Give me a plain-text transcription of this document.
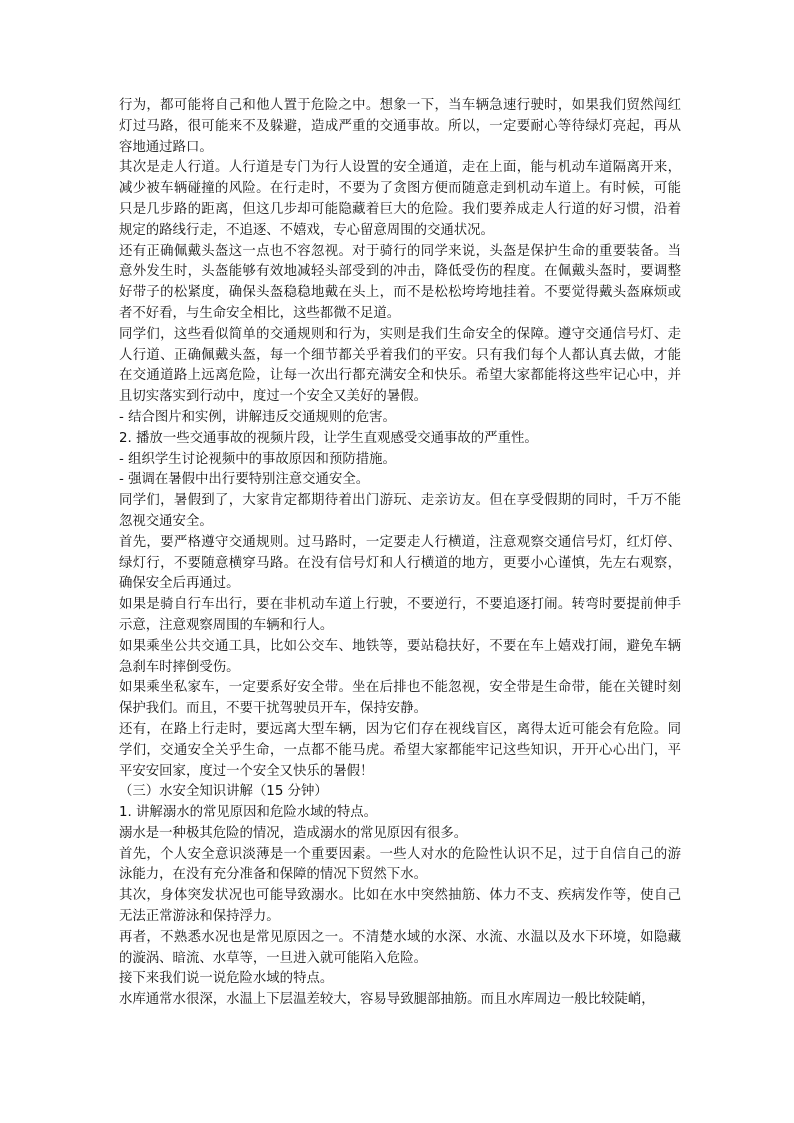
行为，都可能将自己和他人置于危险之中。想象一下，当车辆急速行驶时，如果我们贸然闯红灯过马路，很可能来不及躲避，造成严重的交通事故。所以，一定要耐心等待绿灯亮起，再从容地通过路口。

其次是走人行道。人行道是专门为行人设置的安全通道，走在上面，能与机动车道隔离开来，减少被车辆碰撞的风险。在行走时，不要为了贪图方便而随意走到机动车道上。有时候，可能只是几步路的距离，但这几步却可能隐藏着巨大的危险。我们要养成走人行道的好习惯，沿着规定的路线行走，不追逐、不嬉戏，专心留意周围的交通状况。

还有正确佩戴头盔这一点也不容忽视。对于骑行的同学来说，头盔是保护生命的重要装备。当意外发生时，头盔能够有效地减轻头部受到的冲击，降低受伤的程度。在佩戴头盔时，要调整好带子的松紧度，确保头盔稳稳地戴在头上，而不是松松垮垮地挂着。不要觉得戴头盔麻烦或者不好看，与生命安全相比，这些都微不足道。

同学们，这些看似简单的交通规则和行为，实则是我们生命安全的保障。遵守交通信号灯、走人行道、正确佩戴头盔，每一个细节都关乎着我们的平安。只有我们每个人都认真去做，才能在交通道路上远离危险，让每一次出行都充满安全和快乐。希望大家都能将这些牢记心中，并且切实落实到行动中，度过一个安全又美好的暑假。

- 结合图片和实例，讲解违反交通规则的危害。

2. 播放一些交通事故的视频片段，让学生直观感受交通事故的严重性。

- 组织学生讨论视频中的事故原因和预防措施。

- 强调在暑假中出行要特别注意交通安全。

同学们，暑假到了，大家肯定都期待着出门游玩、走亲访友。但在享受假期的同时，千万不能忽视交通安全。

首先，要严格遵守交通规则。过马路时，一定要走人行横道，注意观察交通信号灯，红灯停、绿灯行，不要随意横穿马路。在没有信号灯和人行横道的地方，更要小心谨慎，先左右观察，确保安全后再通过。

如果是骑自行车出行，要在非机动车道上行驶，不要逆行，不要追逐打闹。转弯时要提前伸手示意，注意观察周围的车辆和行人。

如果乘坐公共交通工具，比如公交车、地铁等，要站稳扶好，不要在车上嬉戏打闹，避免车辆急刹车时摔倒受伤。

如果乘坐私家车，一定要系好安全带。坐在后排也不能忽视，安全带是生命带，能在关键时刻保护我们。而且，不要干扰驾驶员开车，保持安静。

还有，在路上行走时，要远离大型车辆，因为它们存在视线盲区，离得太近可能会有危险。同学们，交通安全关乎生命，一点都不能马虎。希望大家都能牢记这些知识，开开心心出门，平平安安回家，度过一个安全又快乐的暑假！

（三）水安全知识讲解（15 分钟）

1. 讲解溺水的常见原因和危险水域的特点。

溺水是一种极其危险的情况，造成溺水的常见原因有很多。

首先，个人安全意识淡薄是一个重要因素。一些人对水的危险性认识不足，过于自信自己的游泳能力，在没有充分准备和保障的情况下贸然下水。

其次，身体突发状况也可能导致溺水。比如在水中突然抽筋、体力不支、疾病发作等，使自己无法正常游泳和保持浮力。

再者，不熟悉水况也是常见原因之一。不清楚水域的水深、水流、水温以及水下环境，如隐藏的漩涡、暗流、水草等，一旦进入就可能陷入危险。

接下来我们说一说危险水域的特点。

水库通常水很深，水温上下层温差较大，容易导致腿部抽筋。而且水库周边一般比较陡峭，
